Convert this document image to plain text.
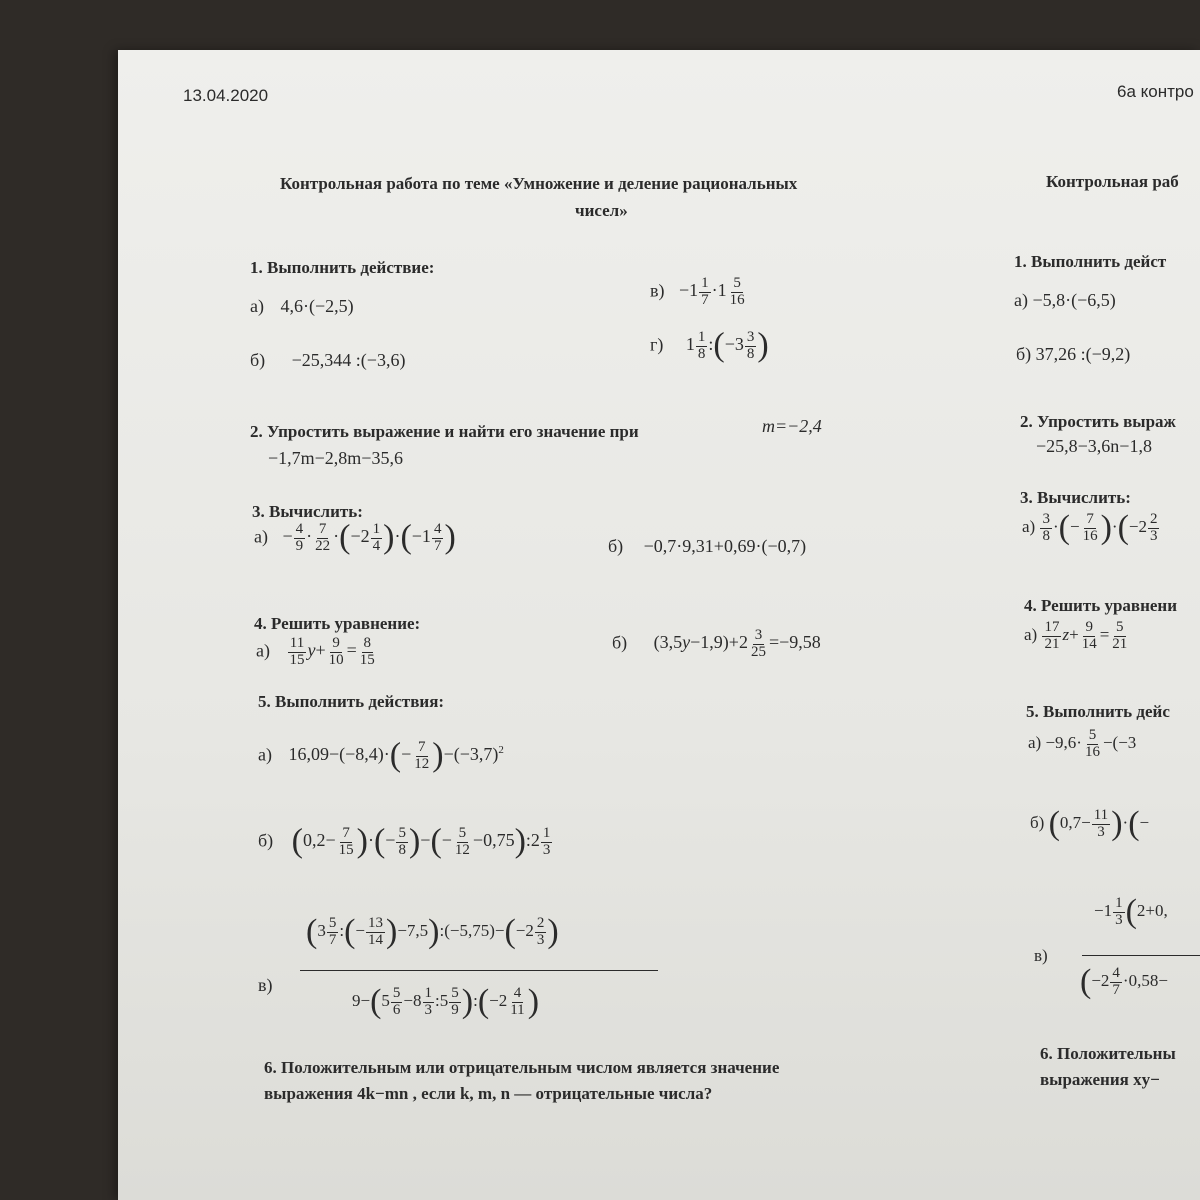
13.04.2020	6а контро
Контрольная работа по теме «Умножение и деление рациональных
чисел»
1. Выполнить действие:
а) 4,6·(−2,5)
б) −25,344 :(−3,6)
$в) -1 \frac{1}{7} \cdot 1 \frac{5}{16}$
г) $1 \frac{1}{8}$ :(−3 $\frac{3}{8}$ )
2. Упростить выражение и найти его значение при	m=−2,4
−1,7m−2,8m−35,6
3. Вычислить:
$а) - \frac{4}{9} \cdot \frac{7}{22} \cdot(-2 \frac{1}{4} )\cdot(-1 \frac{4}{7}$ )	б) −0,7·9,31+0,69·(−0,7)
4. Решить уравнение:
$а) \frac{11}{15} y+ \frac{9}{10} = \frac{8}{15}$	б) $(3,5y-1,9)+2 \frac{3}{25} =-9,58$
5. Выполнить действия:
а) $16,09-(-8,4)\cdot(- \frac{7}{12} )-(-3,7)^2$
б) ($0,2- \frac{7}{15}$ )·(− $\frac{5}{8}$ )−(− $\frac{5}{12}$ −0,75):2 $\frac{1}{3}$
в)
($3 \frac{5}{7}$ :(− $\frac{13}{14}$ )−7,5):(−5,75)−(−2 $\frac{2}{3}$ )
$9-(5 \frac{5}{6} -8 \frac{1}{3}$ :5 $\frac{5}{9}$ ):(−2 $\frac{4}{11}$ )
6. Положительным или отрицательным числом является значение
выражения 4k−mn , если k, m, n — отрицательные числа?
Контрольная раб
1. Выполнить дейст
а) −5,8·(−6,5)
б) 37,26 :(−9,2)
2. Упростить выраж
−25,8−3,6n−1,8
3. Вычислить:
$а) \frac{3}{8}$ ·(− $\frac{7}{16} )\cdot(-2 \frac{2}{3}$
4. Решить уравнени
$а) \frac{17}{21} z+ \frac{9}{14} = \frac{5}{21}$
5. Выполнить дейс
$а) -9,6\cdot \frac{5}{16} -(-3$
б) ($0,7- \frac{11}{3}$ )·(−
в)
$-1 \frac{1}{3} (2+0$,
($-2 \frac{4}{7} \cdot 0,58-$
6. Положительны
выражения xy−
